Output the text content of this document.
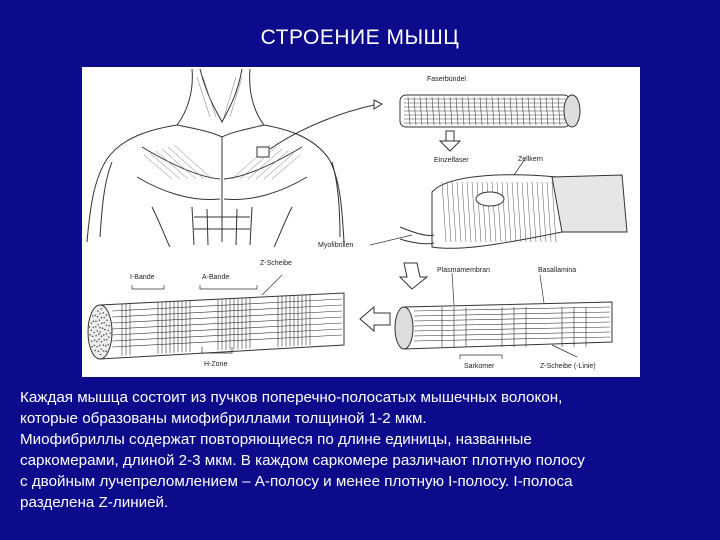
СТРОЕНИЕ МЫШЦ
Faserbündel
Einzelfaser	Zellkern
Myofibrillen
Z-Scheibe
I-Bande	A-Bande
H-Zone
Plasmamembran	Basallamina
Sarkomer	Z-Scheibe (-Linie)
Каждая мышца состоит из пучков поперечно-полосатых мышечных волокон,
которые образованы миофибриллами толщиной 1-2 мкм.
Миофибриллы содержат повторяющиеся по длине единицы, названные
саркомерами, длиной 2-3 мкм. В каждом саркомере различают плотную полосу
с двойным лучепреломлением – A-полосу и менее плотную I-полосу. I-полоса
разделена Z-линией.
